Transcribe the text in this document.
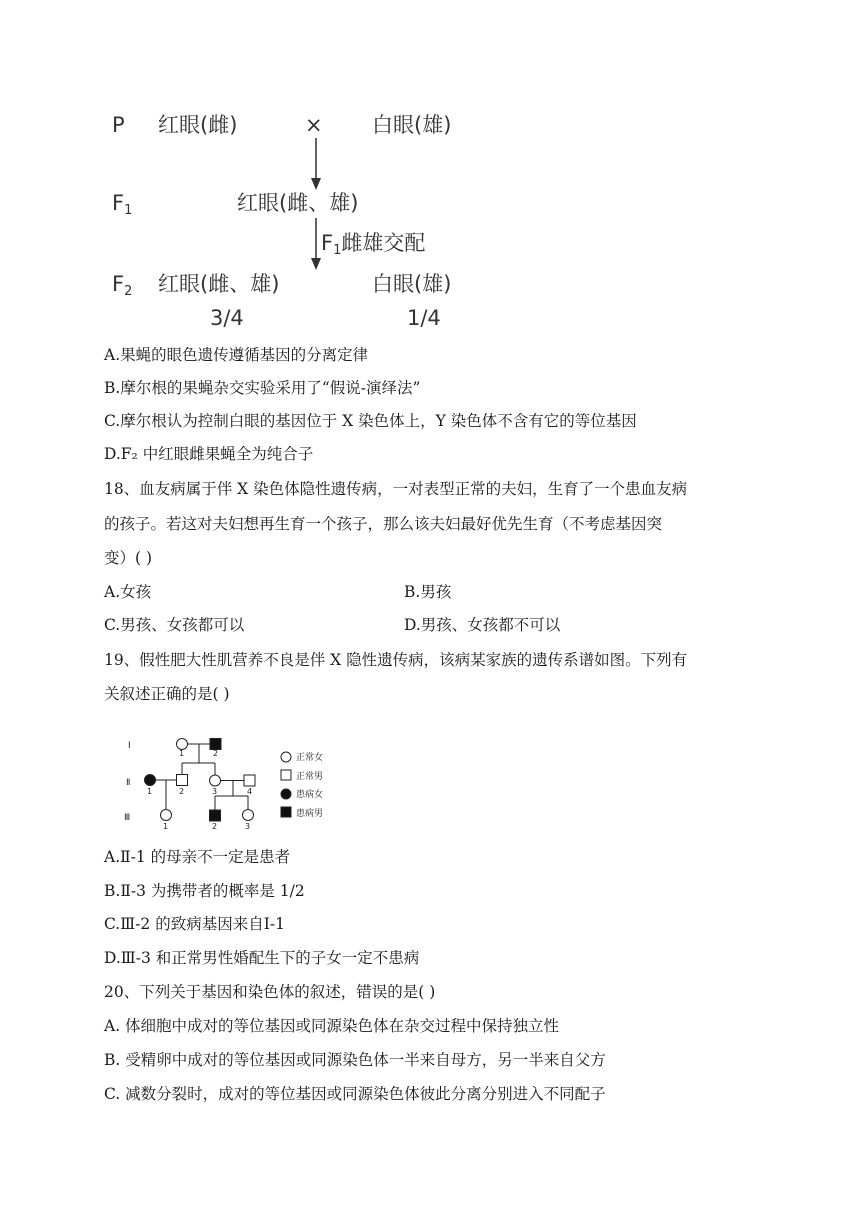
P 红眼(雌)	× 白眼(雄)
F1	红眼(雌、雄)
F1雌雄交配
F2 红眼(雌、雄)	白眼(雄)
3/4	1/4
A.果蝇的眼色遗传遵循基因的分离定律
B.摩尔根的果蝇杂交实验采用了“假说-演绎法”
C.摩尔根认为控制白眼的基因位于 X 染色体上，Y 染色体不含有它的等位基因
D.F₂ 中红眼雌果蝇全为纯合子
18、血友病属于伴 X 染色体隐性遗传病，一对表型正常的夫妇，生育了一个患血友病
的孩子。若这对夫妇想再生育一个孩子，那么该夫妇最好优先生育（不考虑基因突
变）( )
A.女孩	B.男孩
C.男孩、女孩都可以	D.男孩、女孩都不可以
19、假性肥大性肌营养不良是伴 X 隐性遗传病，该病某家族的遗传系谱如图。下列有
关叙述正确的是( )
Ⅰ
Ⅱ
Ⅲ
1	2
1	2	3	4
1	2	3
正常女
正常男
患病女
患病男
A.Ⅱ-1 的母亲不一定是患者
B.Ⅱ-3 为携带者的概率是 1/2
C.Ⅲ-2 的致病基因来自Ⅰ-1
D.Ⅲ-3 和正常男性婚配生下的子女一定不患病
20、下列关于基因和染色体的叙述，错误的是( )
A. 体细胞中成对的等位基因或同源染色体在杂交过程中保持独立性
B. 受精卵中成对的等位基因或同源染色体一半来自母方，另一半来自父方
C. 减数分裂时，成对的等位基因或同源染色体彼此分离分别进入不同配子
